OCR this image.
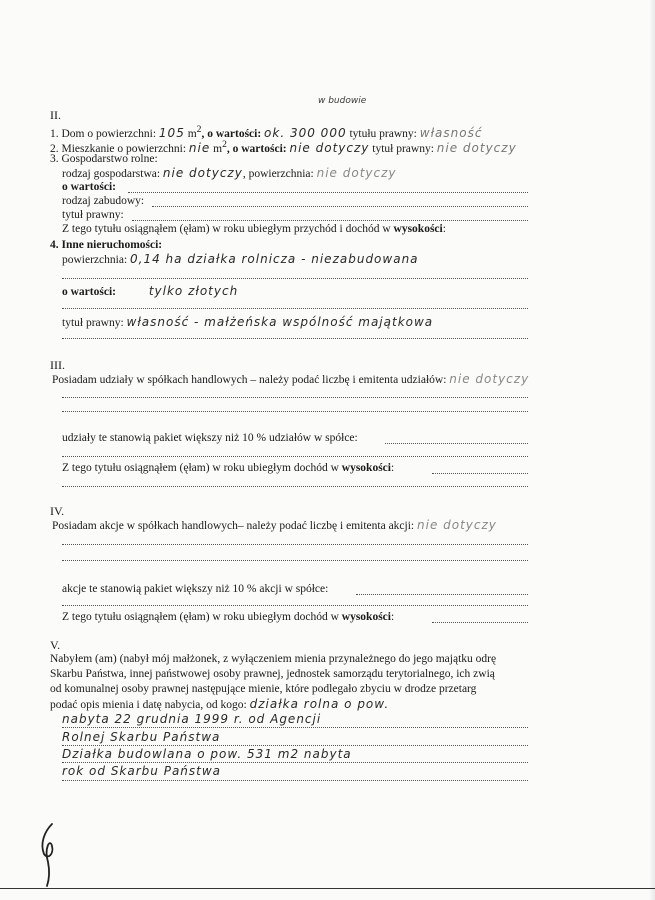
w budowie
II.
1. Dom o powierzchni: 105 $m^2$, o wartości: ok. 300 000 tytułu prawny: własność
2. Mieszkanie o powierzchni: nie $m^2$, o wartości: nie dotyczy tytuł prawny: nie dotyczy
3. Gospodarstwo rolne:
rodzaj gospodarstwa: nie dotyczy, powierzchnia: nie dotyczy
o wartości:
rodzaj zabudowy:
tytuł prawny:
Z tego tytułu osiągnąłem (ęłam) w roku ubiegłym przychód i dochód w wysokości:
4. Inne nieruchomości:
powierzchnia: 0,14 ha działka rolnicza - niezabudowana
o wartości:	tylko złotych
tytuł prawny: własność - małżeńska wspólność majątkowa
III.
Posiadam udziały w spółkach handlowych – należy podać liczbę i emitenta udziałów: nie dotyczy
udziały te stanowią pakiet większy niż 10 % udziałów w spółce:
Z tego tytułu osiągnąłem (ęłam) w roku ubiegłym dochód w wysokości:
IV.
Posiadam akcje w spółkach handlowych– należy podać liczbę i emitenta akcji: nie dotyczy
akcje te stanowią pakiet większy niż 10 % akcji w spółce:
Z tego tytułu osiągnąłem (ęłam) w roku ubiegłym dochód w wysokości:
V.
Nabyłem (am) (nabył mój małżonek, z wyłączeniem mienia przynależnego do jego majątku odrę
Skarbu Państwa, innej państwowej osoby prawnej, jednostek samorządu terytorialnego, ich zwią
od komunalnej osoby prawnej następujące mienie, które podlegało zbyciu w drodze przetarg
podać opis mienia i datę nabycia, od kogo: działka rolna o pow.
nabyta 22 grudnia 1999 r. od Agencji
Rolnej Skarbu Państwa
Działka budowlana o pow. 531 m2 nabyta
rok od Skarbu Państwa
